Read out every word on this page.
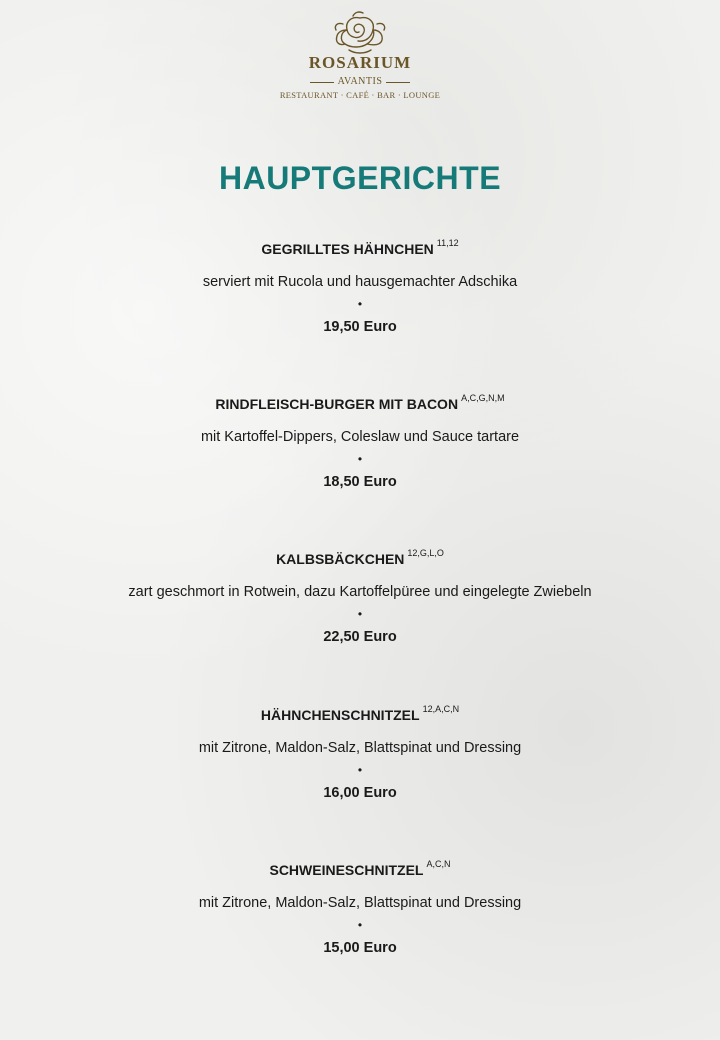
ROSARIUM
AVANTIS
RESTAURANT · CAFÉ · BAR · LOUNGE
HAUPTGERICHTE
GEGRILLTES HÄHNCHEN $^{11,12}$
serviert mit Rucola und hausgemachter Adschika
•
19,50 Euro
RINDFLEISCH-BURGER MIT BACON $^{A,C,G,N,M}$
mit Kartoffel-Dippers, Coleslaw und Sauce tartare
•
18,50 Euro
KALBSBÄCKCHEN $^{12,G,L,O}$
zart geschmort in Rotwein, dazu Kartoffelpüree und eingelegte Zwiebeln
•
22,50 Euro
HÄHNCHENSCHNITZEL $^{12,A,C,N}$
mit Zitrone, Maldon-Salz, Blattspinat und Dressing
•
16,00 Euro
SCHWEINESCHNITZEL $^{A,C,N}$
mit Zitrone, Maldon-Salz, Blattspinat und Dressing
•
15,00 Euro
